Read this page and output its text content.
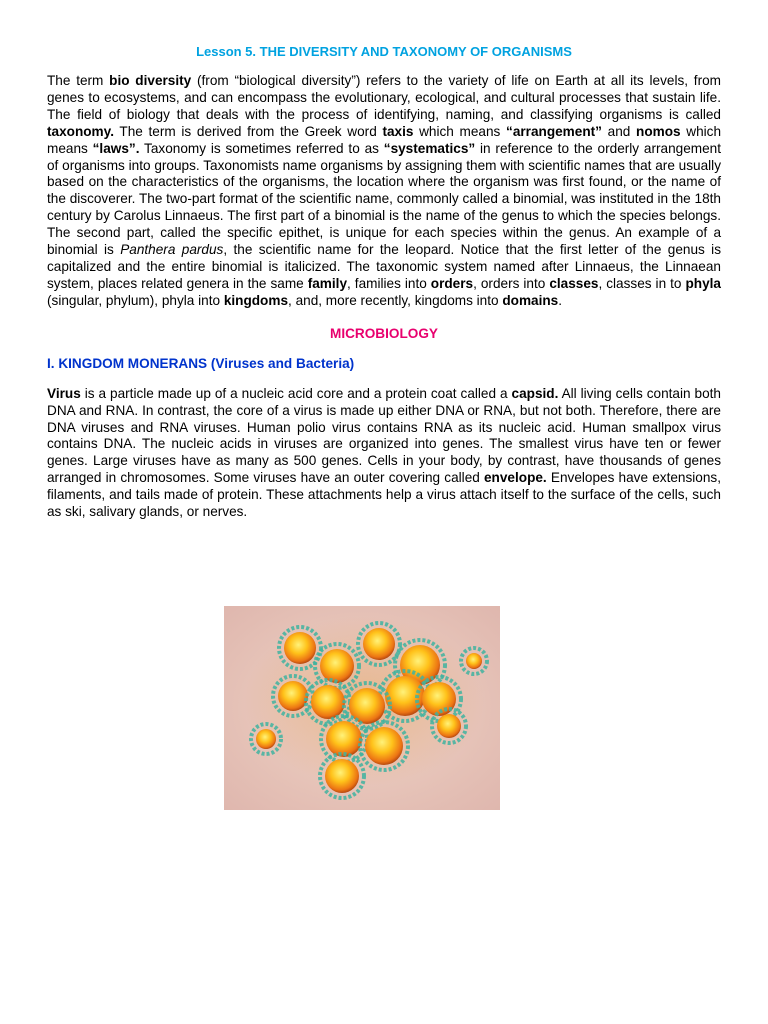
Lesson 5. THE DIVERSITY AND TAXONOMY OF ORGANISMS

The term bio diversity (from “biological diversity”) refers to the variety of life on Earth at all its levels, from genes to ecosystems, and can encompass the evolutionary, ecological, and cultural processes that sustain life. The field of biology that deals with the process of identifying, naming, and classifying organisms is called taxonomy. The term is derived from the Greek word taxis which means “arrangement” and nomos which means “laws”. Taxonomy is sometimes referred to as “systematics” in reference to the orderly arrangement of organisms into groups. Taxonomists name organisms by assigning them with scientific names that are usually based on the characteristics of the organisms, the location where the organism was first found, or the name of the discoverer. The two-part format of the scientific name, commonly called a binomial, was instituted in the 18th century by Carolus Linnaeus. The first part of a binomial is the name of the genus to which the species belongs. The second part, called the specific epithet, is unique for each species within the genus. An example of a binomial is Panthera pardus, the scientific name for the leopard. Notice that the first letter of the genus is capitalized and the entire binomial is italicized. The taxonomic system named after Linnaeus, the Linnaean system, places related genera in the same family, families into orders, orders into classes, classes in to phyla (singular, phylum), phyla into kingdoms, and, more recently, kingdoms into domains.

MICROBIOLOGY
I. KINGDOM MONERANS (Viruses and Bacteria)

Virus is a particle made up of a nucleic acid core and a protein coat called a capsid. All living cells contain both DNA and RNA. In contrast, the core of a virus is made up either DNA or RNA, but not both. Therefore, there are DNA viruses and RNA viruses. Human polio virus contains RNA as its nucleic acid. Human smallpox virus contains DNA. The nucleic acids in viruses are organized into genes. The smallest virus have ten or fewer genes. Large viruses have as many as 500 genes. Cells in your body, by contrast, have thousands of genes arranged in chromosomes. Some viruses have an outer covering called envelope. Envelopes have extensions, filaments, and tails made of protein. These attachments help a virus attach itself to the surface of the cells, such as ski, salivary glands, or nerves.
